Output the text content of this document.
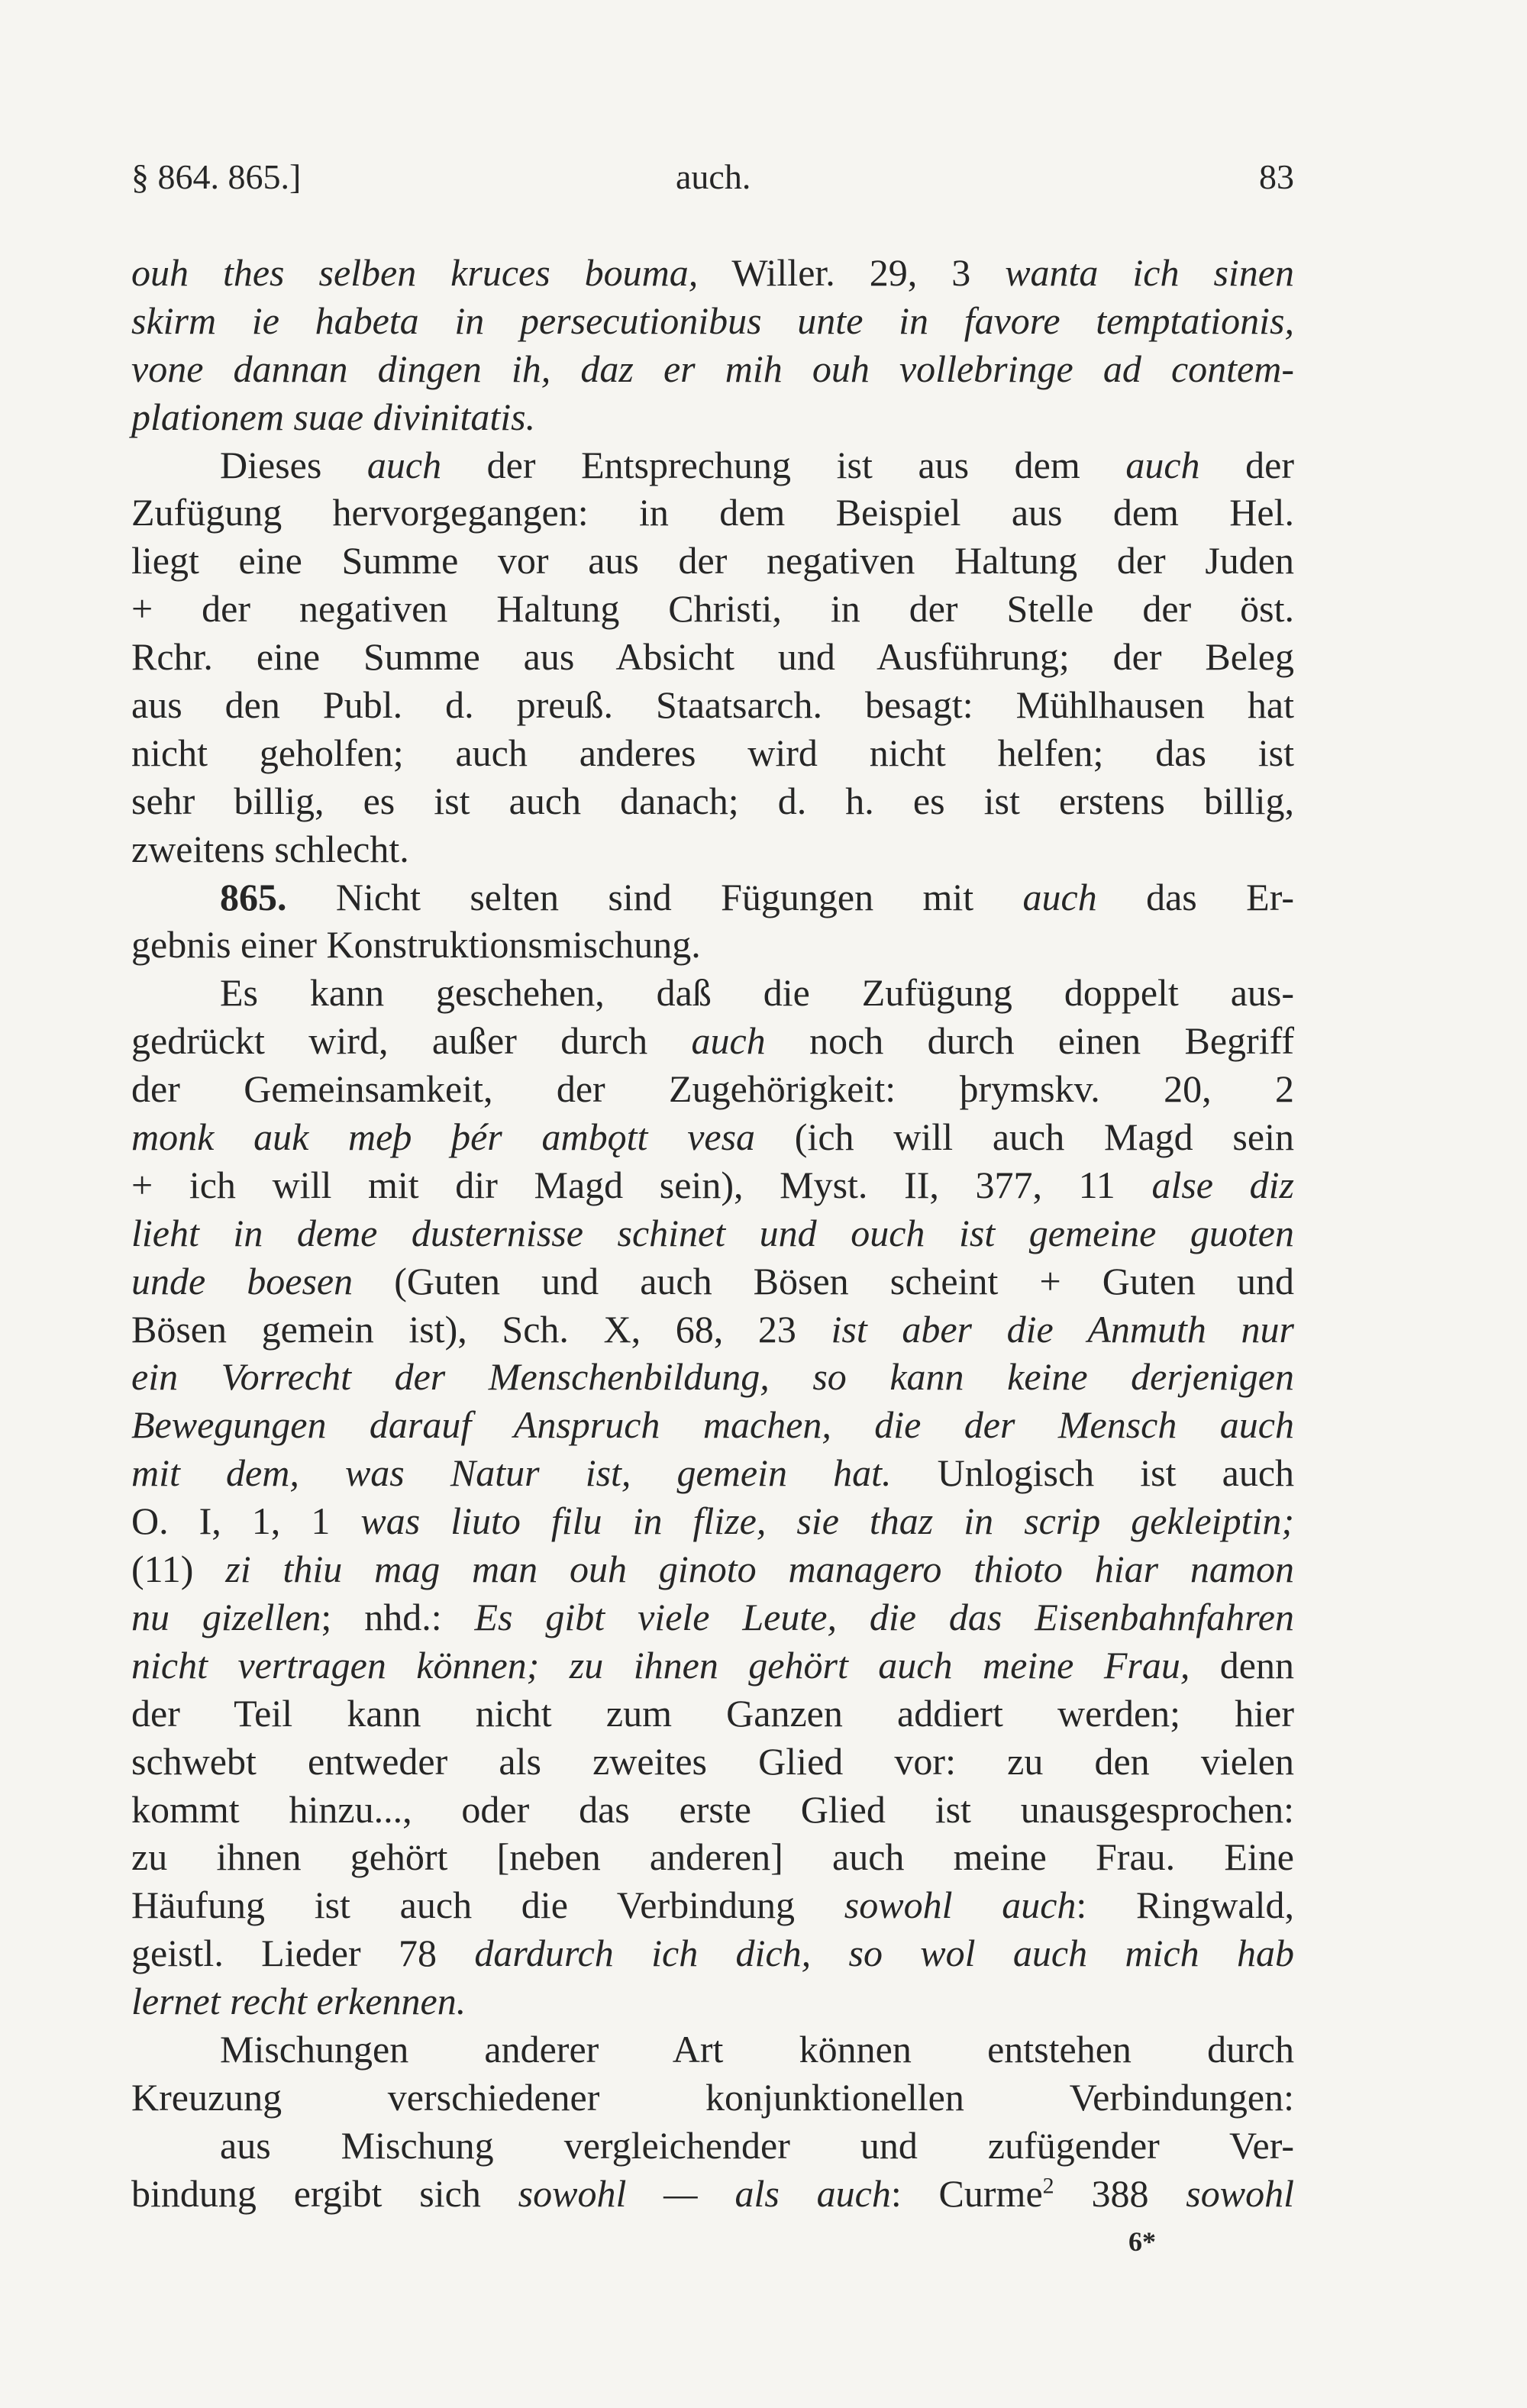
§ 864. 865.]	auch.	83
ouh thes selben kruces bouma, Willer. 29, 3 wanta ich sinen
skirm ie habeta in persecutionibus unte in favore temptationis,
vone dannan dingen ih, daz er mih ouh vollebringe ad contem-
plationem suae divinitatis.
Dieses auch der Entsprechung ist aus dem auch der
Zufügung hervorgegangen: in dem Beispiel aus dem Hel.
liegt eine Summe vor aus der negativen Haltung der Juden
+ der negativen Haltung Christi, in der Stelle der öst.
Rchr. eine Summe aus Absicht und Ausführung; der Beleg
aus den Publ. d. preuß. Staatsarch. besagt: Mühlhausen hat
nicht geholfen; auch anderes wird nicht helfen; das ist
sehr billig, es ist auch danach; d. h. es ist erstens billig,
zweitens schlecht.
865. Nicht selten sind Fügungen mit auch das Er-
gebnis einer Konstruktionsmischung.
Es kann geschehen, daß die Zufügung doppelt aus-
gedrückt wird, außer durch auch noch durch einen Begriff
der Gemeinsamkeit, der Zugehörigkeit: þrymskv. 20, 2
monk auk meþ þér ambǫtt vesa (ich will auch Magd sein
+ ich will mit dir Magd sein), Myst. II, 377, 11 alse diz
lieht in deme dusternisse schinet und ouch ist gemeine guoten
unde boesen (Guten und auch Bösen scheint + Guten und
Bösen gemein ist), Sch. X, 68, 23 ist aber die Anmuth nur
ein Vorrecht der Menschenbildung, so kann keine derjenigen
Bewegungen darauf Anspruch machen, die der Mensch auch
mit dem, was Natur ist, gemein hat. Unlogisch ist auch
O. I, 1, 1 was liuto filu in flize, sie thaz in scrip gekleiptin;
(11) zi thiu mag man ouh ginoto managero thioto hiar namon
nu gizellen; nhd.: Es gibt viele Leute, die das Eisenbahnfahren
nicht vertragen können; zu ihnen gehört auch meine Frau, denn
der Teil kann nicht zum Ganzen addiert werden; hier
schwebt entweder als zweites Glied vor: zu den vielen
kommt hinzu..., oder das erste Glied ist unausgesprochen:
zu ihnen gehört [neben anderen] auch meine Frau. Eine
Häufung ist auch die Verbindung sowohl auch: Ringwald,
geistl. Lieder 78 dardurch ich dich, so wol auch mich hab
lernet recht erkennen.
Mischungen anderer Art können entstehen durch
Kreuzung verschiedener konjunktionellen Verbindungen:
aus Mischung vergleichender und zufügender Ver-
bindung ergibt sich sowohl — als auch: Curme$^2$ 388 sowohl
6*
